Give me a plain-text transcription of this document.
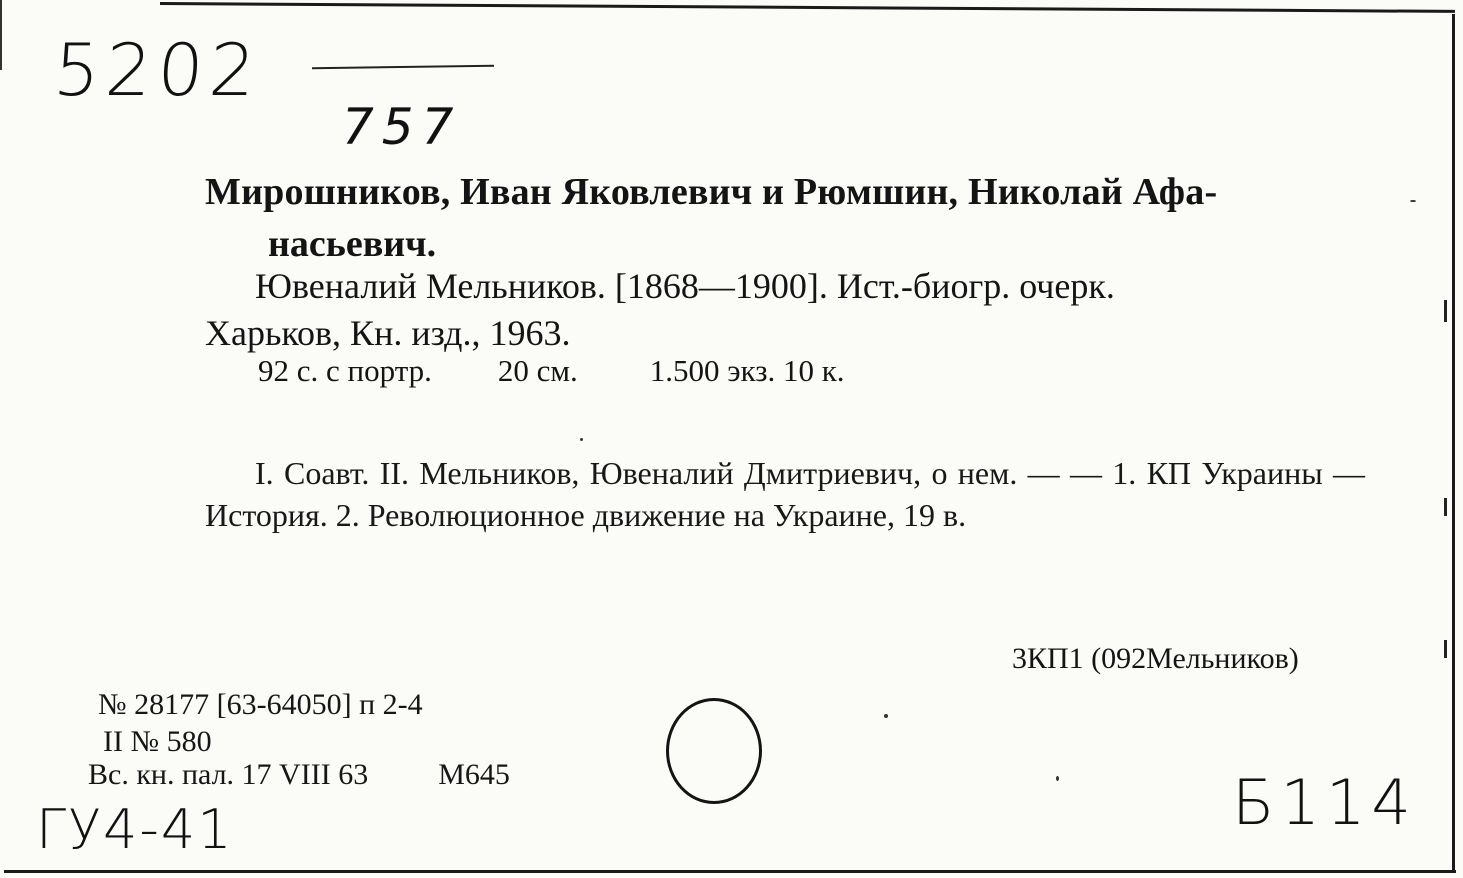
5202
757
Мирошников, Иван Яковлевич и Рюмшин, Николай Афа-
насьевич.
Ювеналий Мельников. [1868—1900]. Ист.-биогр. очерк.
Харьков, Кн. изд., 1963.
92 с. с портр. 20 см. 1.500 экз. 10 к.
I. Соавт. II. Мельников, Ювеналий Дмитриевич, о нем. — — 1. КП Украины — История. 2. Революционное движение на Украине, 19 в.
3КП1 (092Мельников)
№ 28177 [63-64050] п 2-4
II № 580
Вс. кн. пал. 17 VIII 63 М645
ГУ4-41	Б114
